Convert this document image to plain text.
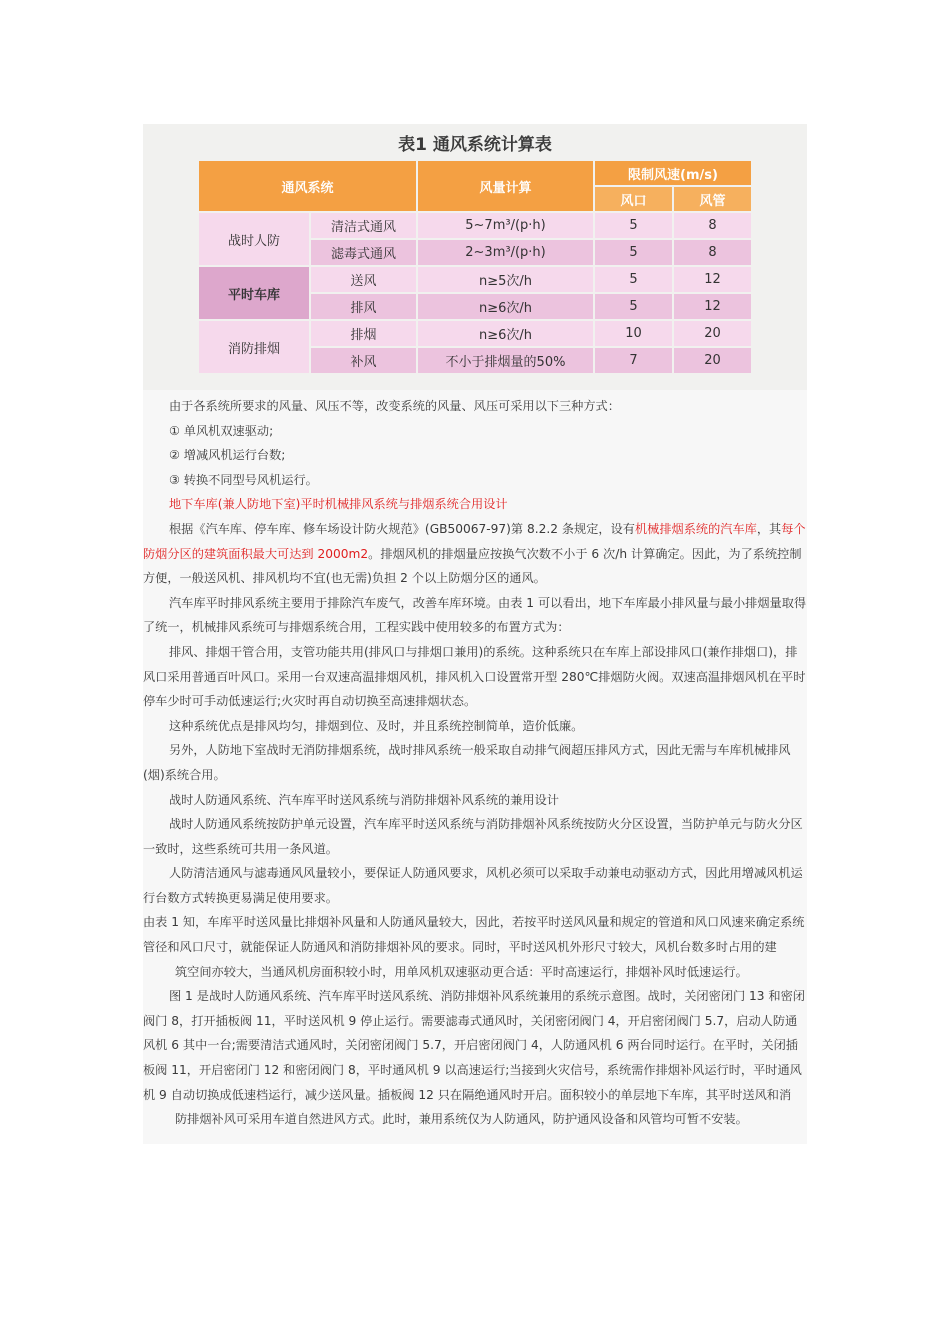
表1 通风系统计算表
通风系统		风量计算	限制风速(m/s)	
			风口	风管
战时人防	清洁式通风	5~7m³/(p·h)	5	8
	滤毒式通风	2~3m³/(p·h)	5	8
平时车库	送风	n≥5次/h	5	12
	排风	n≥6次/h	5	12
消防排烟	排烟	n≥6次/h	10	20
	补风	不小于排烟量的50%	7	20

由于各系统所要求的风量、风压不等，改变系统的风量、风压可采用以下三种方式：

① 单风机双速驱动;

② 增减风机运行台数;

③ 转换不同型号风机运行。

地下车库(兼人防地下室)平时机械排风系统与排烟系统合用设计

根据《汽车库、停车库、修车场设计防火规范》(GB50067-97)第 8.2.2 条规定，设有机械排烟系统的汽车库，其每个防烟分区的建筑面积最大可达到 2000m2。排烟风机的排烟量应按换气次数不小于 6 次/h 计算确定。因此，为了系统控制方便，一般送风机、排风机均不宜(也无需)负担 2 个以上防烟分区的通风。

汽车库平时排风系统主要用于排除汽车废气，改善车库环境。由表 1 可以看出，地下车库最小排风量与最小排烟量取得了统一，机械排风系统可与排烟系统合用，工程实践中使用较多的布置方式为：

排风、排烟干管合用，支管功能共用(排风口与排烟口兼用)的系统。这种系统只在车库上部设排风口(兼作排烟口)，排风口采用普通百叶风口。采用一台双速高温排烟风机，排风机入口设置常开型 280℃排烟防火阀。双速高温排烟风机在平时停车少时可手动低速运行;火灾时再自动切换至高速排烟状态。

这种系统优点是排风均匀，排烟到位、及时，并且系统控制简单，造价低廉。

另外，人防地下室战时无消防排烟系统，战时排风系统一般采取自动排气阀超压排风方式，因此无需与车库机械排风(烟)系统合用。

战时人防通风系统、汽车库平时送风系统与消防排烟补风系统的兼用设计

战时人防通风系统按防护单元设置，汽车库平时送风系统与消防排烟补风系统按防火分区设置，当防护单元与防火分区一致时，这些系统可共用一条风道。

人防清洁通风与滤毒通风风量较小，要保证人防通风要求，风机必须可以采取手动兼电动驱动方式，因此用增减风机运行台数方式转换更易满足使用要求。

由表 1 知，车库平时送风量比排烟补风量和人防通风量较大，因此，若按平时送风风量和规定的管道和风口风速来确定系统管径和风口尺寸，就能保证人防通风和消防排烟补风的要求。同时，平时送风机外形尺寸较大，风机台数多时占用的建

筑空间亦较大，当通风机房面积较小时，用单风机双速驱动更合适：平时高速运行，排烟补风时低速运行。

图 1 是战时人防通风系统、汽车库平时送风系统、消防排烟补风系统兼用的系统示意图。战时，关闭密闭门 13 和密闭阀门 8，打开插板阀 11，平时送风机 9 停止运行。需要滤毒式通风时，关闭密闭阀门 4，开启密闭阀门 5.7，启动人防通风机 6 其中一台;需要清洁式通风时，关闭密闭阀门 5.7，开启密闭阀门 4，人防通风机 6 两台同时运行。在平时，关闭插板阀 11，开启密闭门 12 和密闭阀门 8，平时通风机 9 以高速运行;当接到火灾信号，系统需作排烟补风运行时，平时通风机 9 自动切换成低速档运行，减少送风量。插板阀 12 只在隔绝通风时开启。面积较小的单层地下车库，其平时送风和消

防排烟补风可采用车道自然进风方式。此时，兼用系统仅为人防通风，防护通风设备和风管均可暂不安装。
